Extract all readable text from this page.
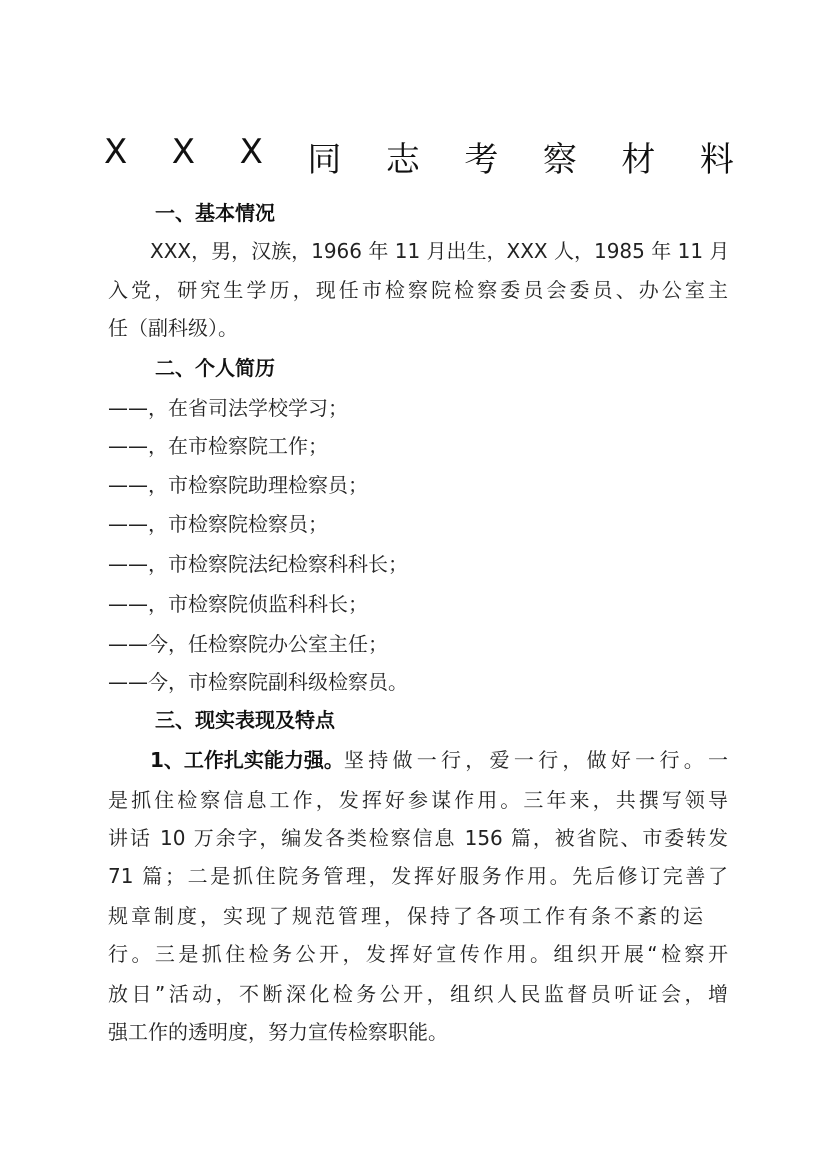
X X X 同 志 考 察 材 料
一、基本情况
XXX，男，汉族，1966 年 11 月出生，XXX 人，1985 年 11 月
入党，研究生学历，现任市检察院检察委员会委员、办公室主
任（副科级）。
二、个人简历
——，在省司法学校学习；
——，在市检察院工作；
——，市检察院助理检察员；
——，市检察院检察员；
——，市检察院法纪检察科科长；
——，市检察院侦监科科长；
——今，任检察院办公室主任；
——今，市检察院副科级检察员。
三、现实表现及特点
1、工作扎实能力强。 坚持做一行，爱一行，做好一行。一
是抓住检察信息工作，发挥好参谋作用。三年来，共撰写领导
讲话 10 万余字，编发各类检察信息 156 篇，被省院、市委转发
71 篇；二是抓住院务管理，发挥好服务作用。先后修订完善了
规章制度，实现了规范管理，保持了各项工作有条不紊的运
行。三是抓住检务公开，发挥好宣传作用。组织开展“检察开
放日”活动，不断深化检务公开，组织人民监督员听证会，增
强工作的透明度，努力宣传检察职能。
